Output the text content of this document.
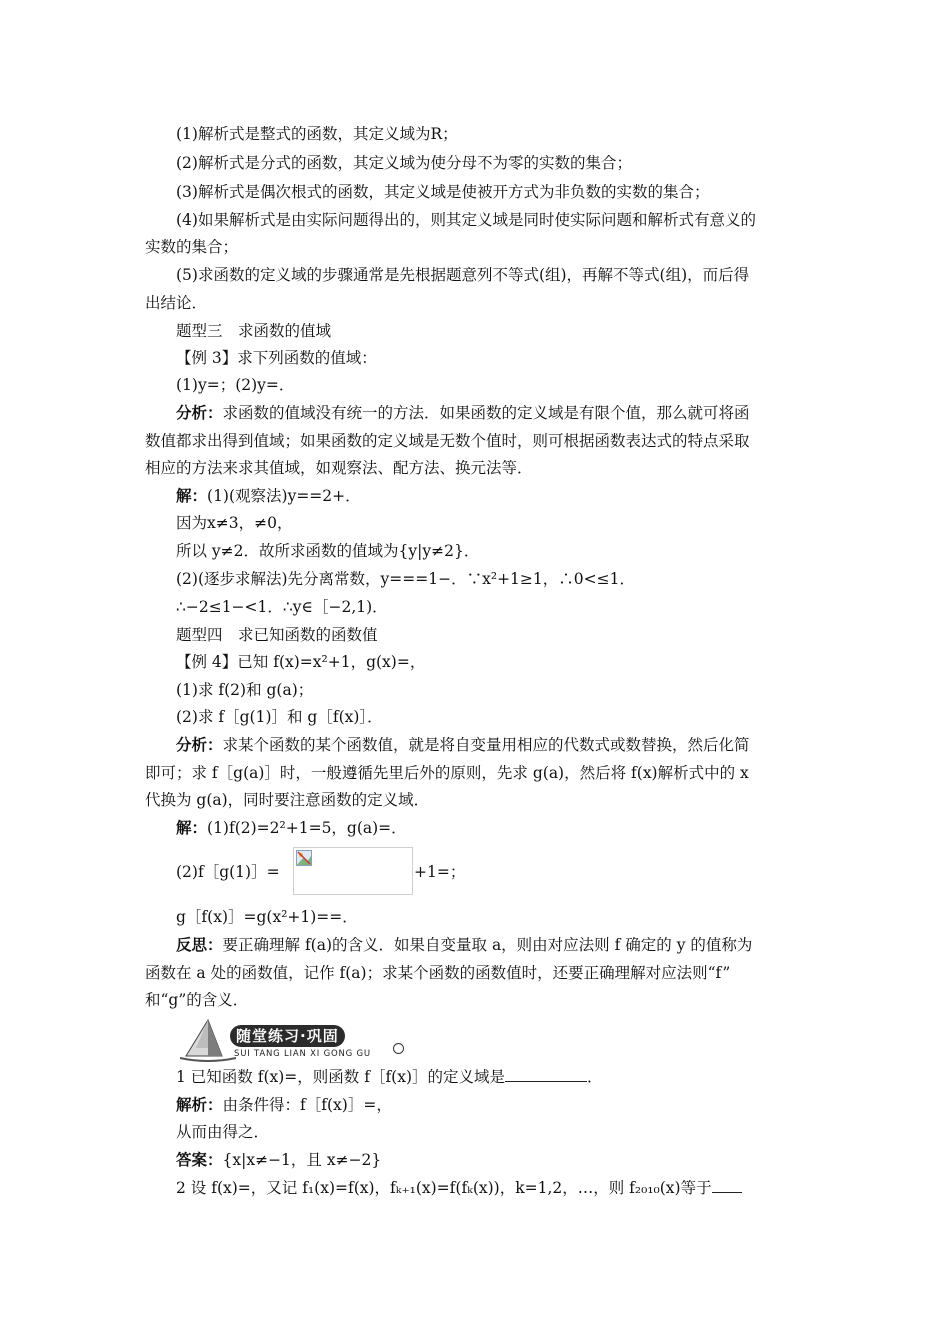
(1)解析式是整式的函数，其定义域为R；
(2)解析式是分式的函数，其定义域为使分母不为零的实数的集合；
(3)解析式是偶次根式的函数，其定义域是使被开方式为非负数的实数的集合；
(4)如果解析式是由实际问题得出的，则其定义域是同时使实际问题和解析式有意义的
实数的集合；
(5)求函数的定义域的步骤通常是先根据题意列不等式(组)，再解不等式(组)，而后得
出结论．
题型三　求函数的值域
【例 3】求下列函数的值域：
(1)y=；(2)y=．
分析：求函数的值域没有统一的方法．如果函数的定义域是有限个值，那么就可将函
数值都求出得到值域；如果函数的定义域是无数个值时，则可根据函数表达式的特点采取
相应的方法来求其值域，如观察法、配方法、换元法等．
解：(1)(观察法)y==2+．
因为x≠3，≠0，
所以 y≠2．故所求函数的值域为{y|y≠2}．
(2)(逐步求解法)先分离常数，y===1−．∵x²+1≥1，∴0<≤1．
∴−2≤1−<1．∴y∈［−2,1)．
题型四　求已知函数的函数值
【例 4】已知 f(x)=x²+1，g(x)=，
(1)求 f(2)和 g(a)；
(2)求 f［g(1)］和 g［f(x)］．
分析：求某个函数的某个函数值，就是将自变量用相应的代数式或数替换，然后化简
即可；求 f［g(a)］时，一般遵循先里后外的原则，先求 g(a)，然后将 f(x)解析式中的 x
代换为 g(a)，同时要注意函数的定义域．
解：(1)f(2)=2²+1=5，g(a)=．
(2)f［g(1)］=	+1=；
g［f(x)］=g(x²+1)==．
反思：要正确理解 f(a)的含义．如果自变量取 a，则由对应法则 f 确定的 y 的值称为
函数在 a 处的函数值，记作 f(a)；求某个函数的函数值时，还要正确理解对应法则“f”
和“g”的含义．
随堂练习·巩固
SUI TANG LIAN XI GONG GU
1 已知函数 f(x)=，则函数 f［f(x)］的定义域是	．
解析：由条件得：f［f(x)］=，
从而由得之．
答案：{x|x≠−1，且 x≠−2}
2 设 f(x)=，又记 f₁(x)=f(x)，fₖ₊₁(x)=f(fₖ(x))，k=1,2，…，则 f₂₀₁₀(x)等于
